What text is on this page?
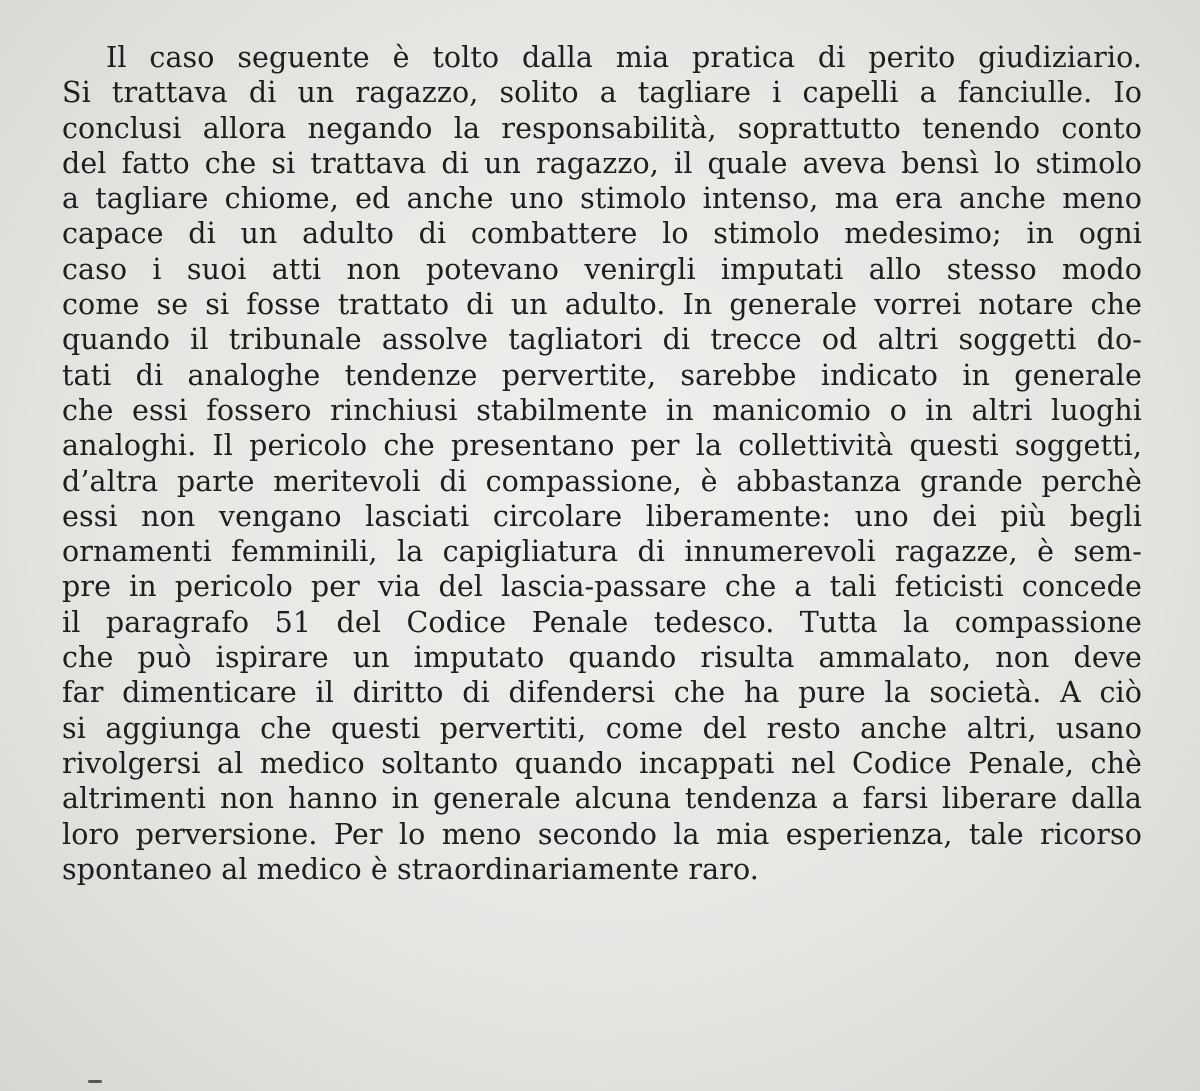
Il caso seguente è tolto dalla mia pratica di perito giudiziario.
Si trattava di un ragazzo, solito a tagliare i capelli a fanciulle. Io
conclusi allora negando la responsabilità, soprattutto tenendo conto
del fatto che si trattava di un ragazzo, il quale aveva bensì lo stimolo
a tagliare chiome, ed anche uno stimolo intenso, ma era anche meno
capace di un adulto di combattere lo stimolo medesimo; in ogni
caso i suoi atti non potevano venirgli imputati allo stesso modo
come se si fosse trattato di un adulto. In generale vorrei notare che
quando il tribunale assolve tagliatori di trecce od altri soggetti do-
tati di analoghe tendenze pervertite, sarebbe indicato in generale
che essi fossero rinchiusi stabilmente in manicomio o in altri luoghi
analoghi. Il pericolo che presentano per la collettività questi soggetti,
d’altra parte meritevoli di compassione, è abbastanza grande perchè
essi non vengano lasciati circolare liberamente: uno dei più begli
ornamenti femminili, la capigliatura di innumerevoli ragazze, è sem-
pre in pericolo per via del lascia-passare che a tali feticisti concede
il paragrafo 51 del Codice Penale tedesco. Tutta la compassione
che può ispirare un imputato quando risulta ammalato, non deve
far dimenticare il diritto di difendersi che ha pure la società. A ciò
si aggiunga che questi pervertiti, come del resto anche altri, usano
rivolgersi al medico soltanto quando incappati nel Codice Penale, chè
altrimenti non hanno in generale alcuna tendenza a farsi liberare dalla
loro perversione. Per lo meno secondo la mia esperienza, tale ricorso
spontaneo al medico è straordinariamente raro.
